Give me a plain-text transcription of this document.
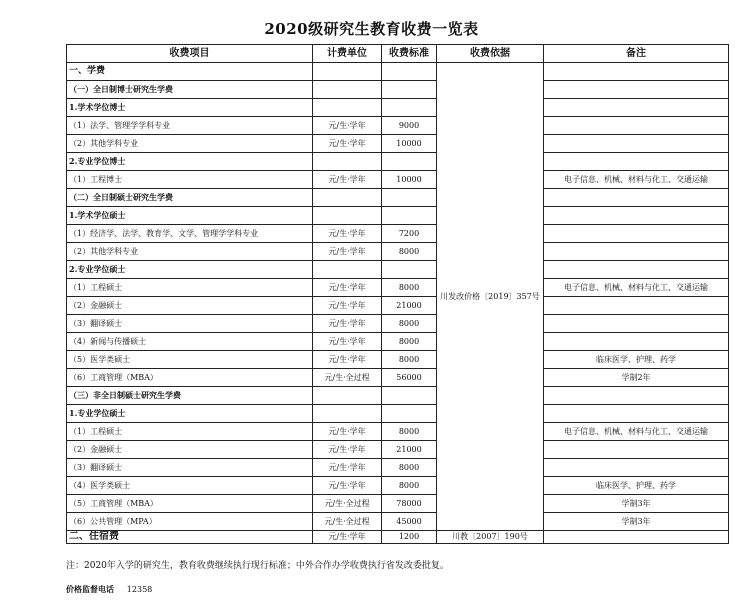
2020级研究生教育收费一览表
收费项目	计费单位	收费标准	收费依据	备注
一、学费			川发改价格〔2019〕357号	
（一）全日制博士研究生学费				
1.学术学位博士				
（1）法学、管理学学科专业	元/生·学年	9000		
（2）其他学科专业	元/生·学年	10000		
2.专业学位博士				
（1）工程博士	元/生·学年	10000		电子信息、机械、材料与化工、交通运输
（二）全日制硕士研究生学费				
1.学术学位硕士				
（1）经济学、法学、教育学、文学、管理学学科专业	元/生·学年	7200		
（2）其他学科专业	元/生·学年	8000		
2.专业学位硕士				
（1）工程硕士	元/生·学年	8000		电子信息、机械、材料与化工、交通运输
（2）金融硕士	元/生·学年	21000		
（3）翻译硕士	元/生·学年	8000		
（4）新闻与传播硕士	元/生·学年	8000		
（5）医学类硕士	元/生·学年	8000		临床医学、护理、药学
（6）工商管理（MBA）	元/生·全过程	56000		学制2年
（三）非全日制硕士研究生学费				
1.专业学位硕士				
（1）工程硕士	元/生·学年	8000		电子信息、机械、材料与化工、交通运输
（2）金融硕士	元/生·学年	21000		
（3）翻译硕士	元/生·学年	8000		
（4）医学类硕士	元/生·学年	8000		临床医学、护理、药学
（5）工商管理（MBA）	元/生·全过程	78000		学制3年
（6）公共管理（MPA）	元/生·全过程	45000		学制3年
二、住宿费	元/生·学年	1200	川教〔2007〕190号	
注：2020年入学的研究生，教育收费继续执行现行标准；中外合作办学收费执行省发改委批复。
价格监督电话 12358
